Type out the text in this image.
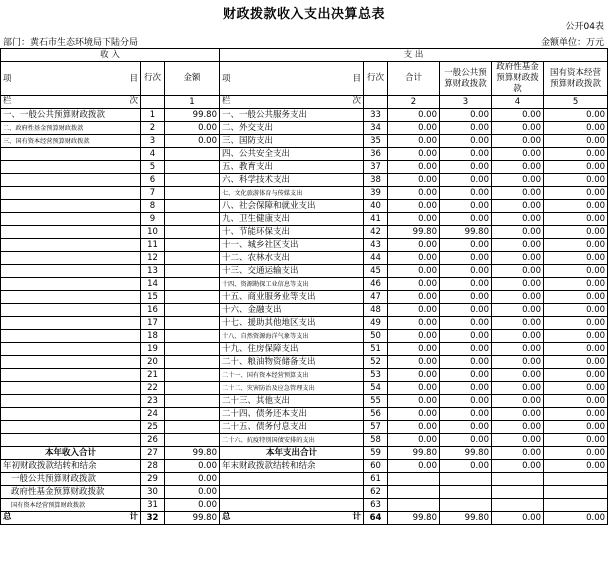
财政拨款收入支出决算总表
公开04表
部门：黄石市生态环境局下陆分局	金额单位：万元
收 入			支 出					

项 目	行次	金额	项 目	行次	合计	一般公共预算财政拨款	政府性基金预算财政拨款	国有资本经营预算财政拨款

栏 次		1	栏 次		2	3	4	5
一、一般公共预算财政拨款	1	99.80	一、一般公共服务支出	33	0.00	0.00	0.00	0.00
二、政府性基金预算财政拨款	2	0.00	二、外交支出	34	0.00	0.00	0.00	0.00
三、国有资本经营预算财政拨款	3	0.00	三、国防支出	35	0.00	0.00	0.00	0.00
	4		四、公共安全支出	36	0.00	0.00	0.00	0.00
	5		五、教育支出	37	0.00	0.00	0.00	0.00
	6		六、科学技术支出	38	0.00	0.00	0.00	0.00
	7		七、文化旅游体育与传媒支出	39	0.00	0.00	0.00	0.00
	8		八、社会保障和就业支出	40	0.00	0.00	0.00	0.00
	9		九、卫生健康支出	41	0.00	0.00	0.00	0.00
	10		十、节能环保支出	42	99.80	99.80	0.00	0.00
	11		十一、城乡社区支出	43	0.00	0.00	0.00	0.00
	12		十二、农林水支出	44	0.00	0.00	0.00	0.00
	13		十三、交通运输支出	45	0.00	0.00	0.00	0.00
	14		十四、资源勘探工业信息等支出	46	0.00	0.00	0.00	0.00
	15		十五、商业服务业等支出	47	0.00	0.00	0.00	0.00
	16		十六、金融支出	48	0.00	0.00	0.00	0.00
	17		十七、援助其他地区支出	49	0.00	0.00	0.00	0.00
	18		十八、自然资源海洋气象等支出	50	0.00	0.00	0.00	0.00
	19		十九、住房保障支出	51	0.00	0.00	0.00	0.00
	20		二十、粮油物资储备支出	52	0.00	0.00	0.00	0.00
	21		二十一、国有资本经营预算支出	53	0.00	0.00	0.00	0.00
	22		二十二、灾害防治及应急管理支出	54	0.00	0.00	0.00	0.00
	23		二十三、其他支出	55	0.00	0.00	0.00	0.00
	24		二十四、债务还本支出	56	0.00	0.00	0.00	0.00
	25		二十五、债务付息支出	57	0.00	0.00	0.00	0.00
	26		二十六、抗疫特别国债安排的支出	58	0.00	0.00	0.00	0.00
本年收入合计	27	99.80	本年支出合计	59	99.80	99.80	0.00	0.00
年初财政拨款结转和结余	28	0.00	年末财政拨款结转和结余	60	0.00	0.00	0.00	0.00
一般公共预算财政拨款	29	0.00		61				
政府性基金预算财政拨款	30	0.00		62				
国有资本经营预算财政拨款	31	0.00		63				

总 计	32	99.80	总 计	64	99.80	99.80	0.00	0.00
